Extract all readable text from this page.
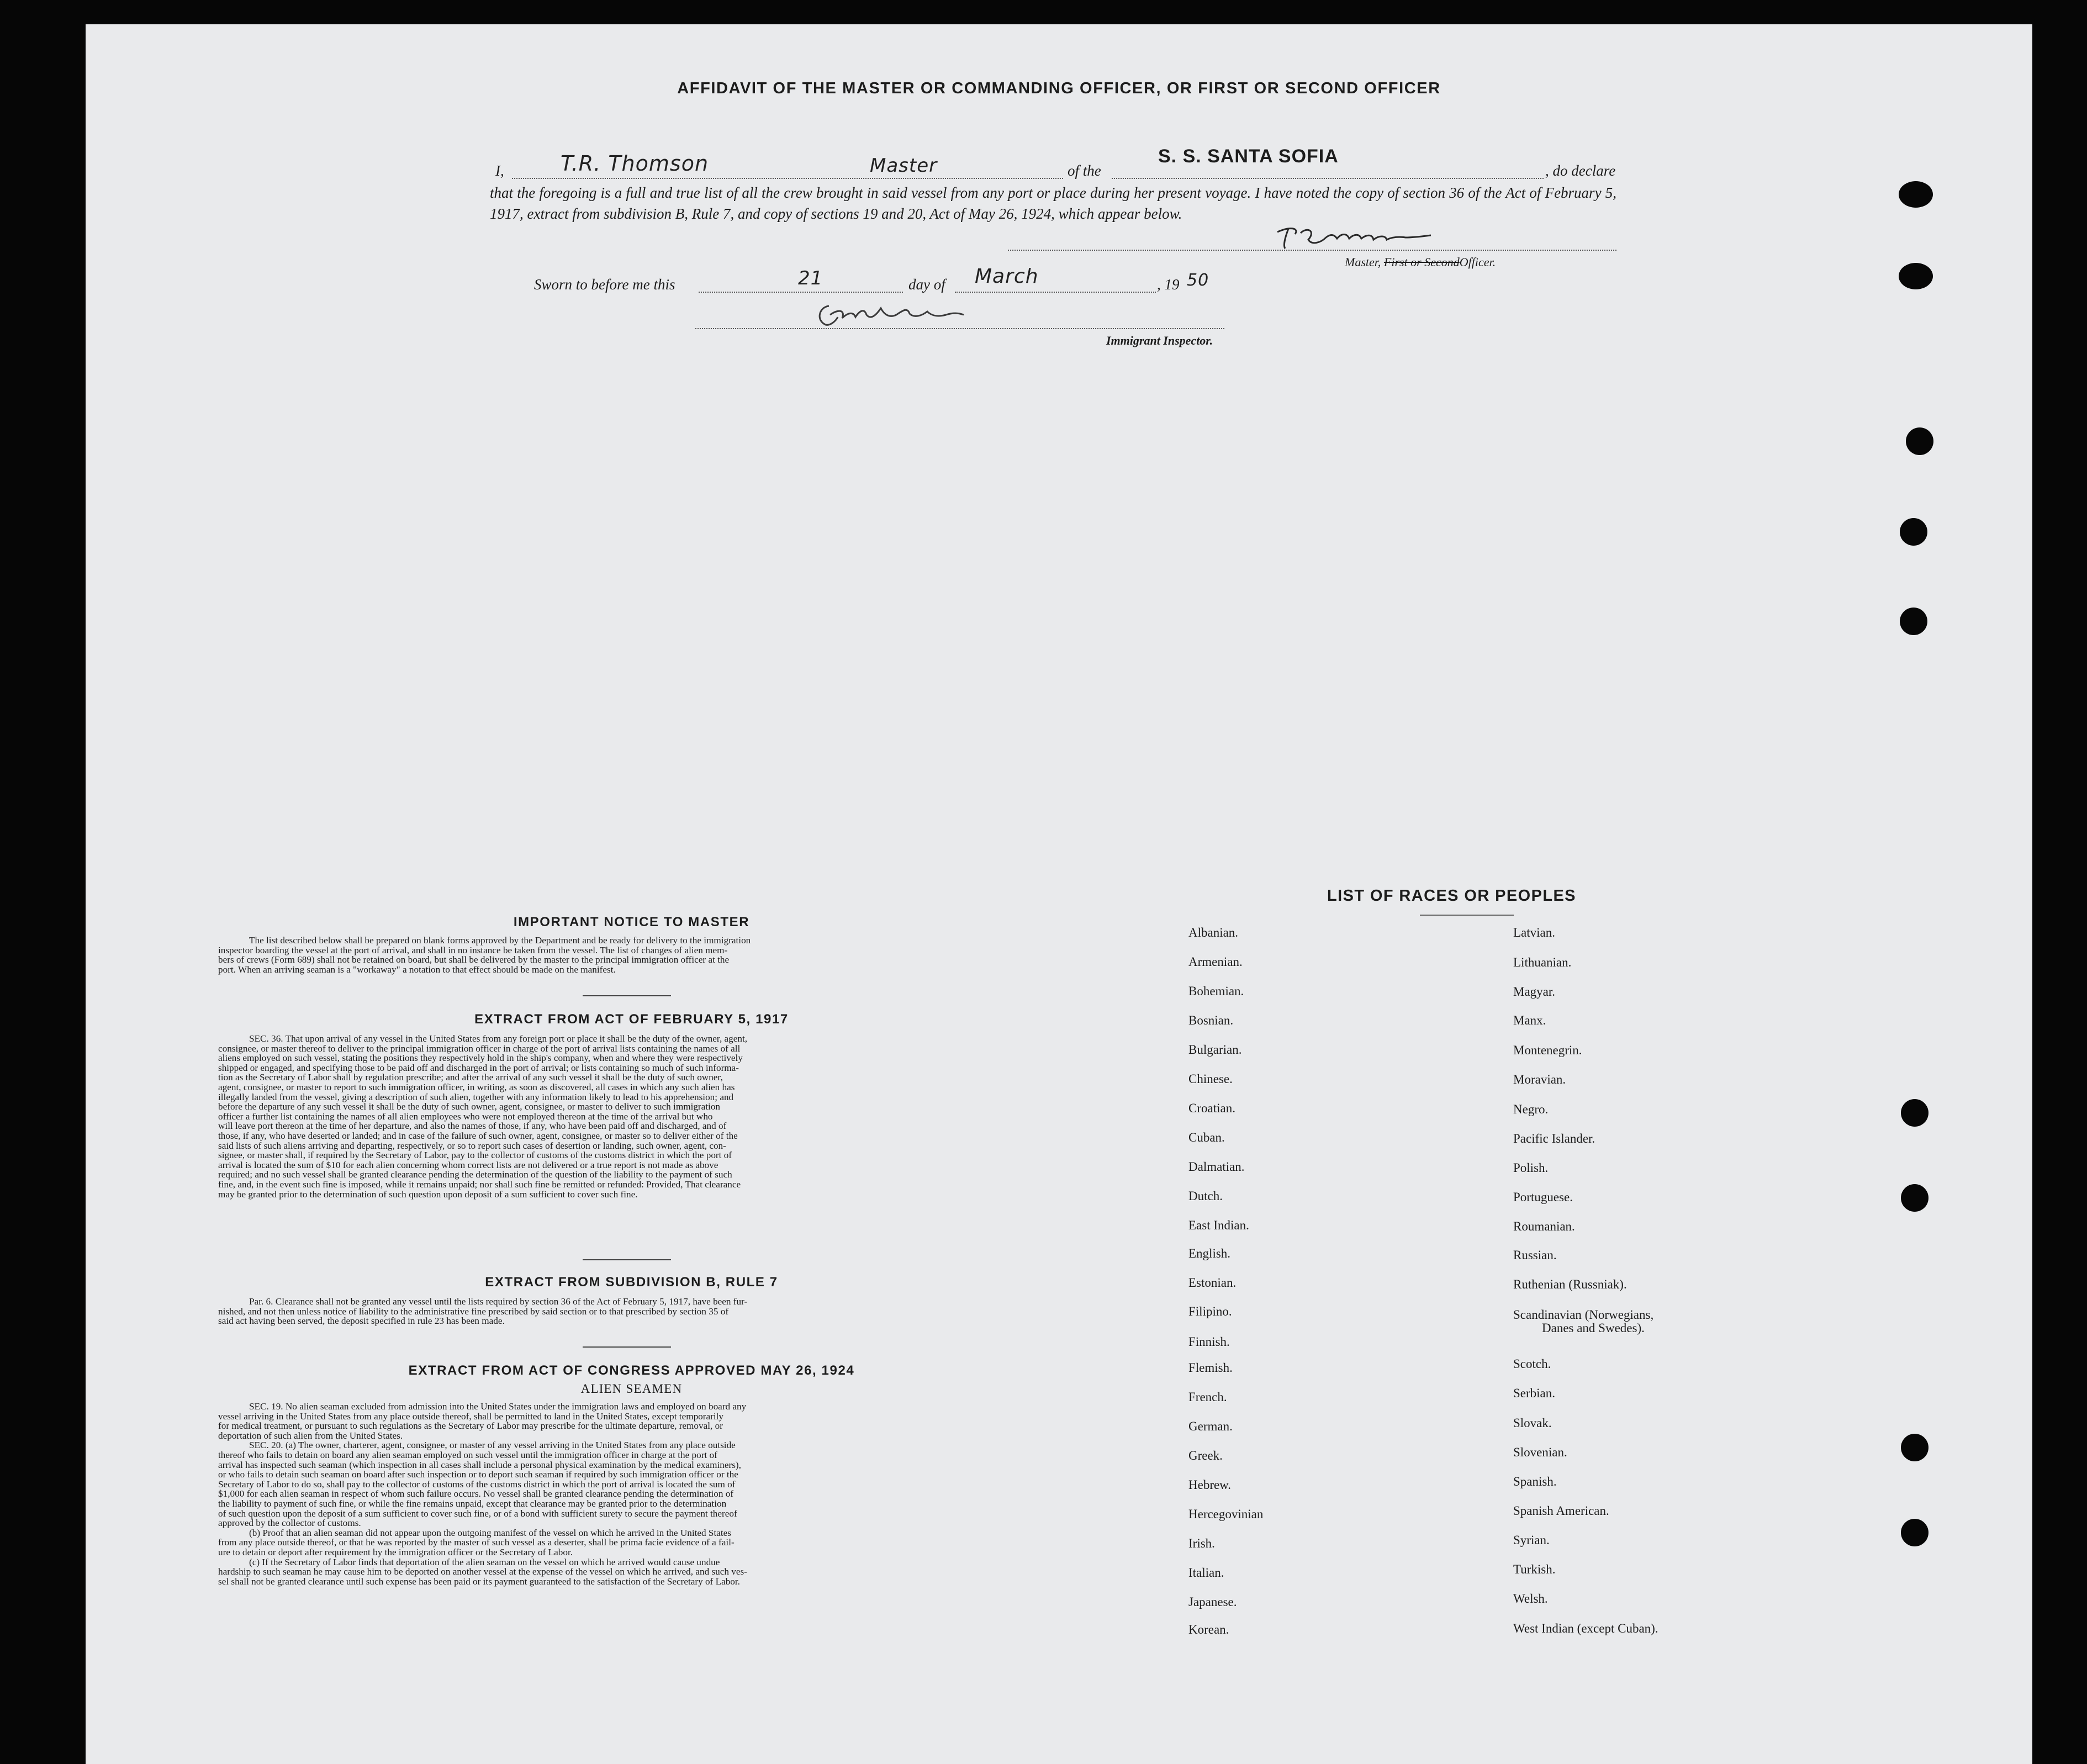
AFFIDAVIT OF THE MASTER OR COMMANDING OFFICER, OR FIRST OR SECOND OFFICER
I,	T.R. Thomson	Master	of the
S. S. SANTA SOFIA
, do declare
that the foregoing is a full and true list of all the crew brought in said vessel from any port or place during her present voyage. I have noted the copy of section 36 of the Act of February 5, 1917, extract from subdivision B, Rule 7, and copy of sections 19 and 20, Act of May 26, 1924, which appear below.
Master, First or SecondOfficer.
Sworn to before me this	21	day of March	, 19 50
Immigrant Inspector.
IMPORTANT NOTICE TO MASTER

The list described below shall be prepared on blank forms approved by the Department and be ready for delivery to the immigration

inspector boarding the vessel at the port of arrival, and shall in no instance be taken from the vessel. The list of changes of alien mem-

bers of crews (Form 689) shall not be retained on board, but shall be delivered by the master to the principal immigration officer at the

port. When an arriving seaman is a "workaway" a notation to that effect should be made on the manifest.

EXTRACT FROM ACT OF FEBRUARY 5, 1917

SEC. 36. That upon arrival of any vessel in the United States from any foreign port or place it shall be the duty of the owner, agent,

consignee, or master thereof to deliver to the principal immigration officer in charge of the port of arrival lists containing the names of all

aliens employed on such vessel, stating the positions they respectively hold in the ship's company, when and where they were respectively

shipped or engaged, and specifying those to be paid off and discharged in the port of arrival; or lists containing so much of such informa-

tion as the Secretary of Labor shall by regulation prescribe; and after the arrival of any such vessel it shall be the duty of such owner,

agent, consignee, or master to report to such immigration officer, in writing, as soon as discovered, all cases in which any such alien has

illegally landed from the vessel, giving a description of such alien, together with any information likely to lead to his apprehension; and

before the departure of any such vessel it shall be the duty of such owner, agent, consignee, or master to deliver to such immigration

officer a further list containing the names of all alien employees who were not employed thereon at the time of the arrival but who

will leave port thereon at the time of her departure, and also the names of those, if any, who have been paid off and discharged, and of

those, if any, who have deserted or landed; and in case of the failure of such owner, agent, consignee, or master so to deliver either of the

said lists of such aliens arriving and departing, respectively, or so to report such cases of desertion or landing, such owner, agent, con-

signee, or master shall, if required by the Secretary of Labor, pay to the collector of customs of the customs district in which the port of

arrival is located the sum of $10 for each alien concerning whom correct lists are not delivered or a true report is not made as above

required; and no such vessel shall be granted clearance pending the determination of the question of the liability to the payment of such

fine, and, in the event such fine is imposed, while it remains unpaid; nor shall such fine be remitted or refunded: Provided, That clearance

may be granted prior to the determination of such question upon deposit of a sum sufficient to cover such fine.

EXTRACT FROM SUBDIVISION B, RULE 7

Par. 6. Clearance shall not be granted any vessel until the lists required by section 36 of the Act of February 5, 1917, have been fur-

nished, and not then unless notice of liability to the administrative fine prescribed by said section or to that prescribed by section 35 of

said act having been served, the deposit specified in rule 23 has been made.

EXTRACT FROM ACT OF CONGRESS APPROVED MAY 26, 1924
ALIEN SEAMEN

SEC. 19. No alien seaman excluded from admission into the United States under the immigration laws and employed on board any

vessel arriving in the United States from any place outside thereof, shall be permitted to land in the United States, except temporarily

for medical treatment, or pursuant to such regulations as the Secretary of Labor may prescribe for the ultimate departure, removal, or

deportation of such alien from the United States.

SEC. 20. (a) The owner, charterer, agent, consignee, or master of any vessel arriving in the United States from any place outside

thereof who fails to detain on board any alien seaman employed on such vessel until the immigration officer in charge at the port of

arrival has inspected such seaman (which inspection in all cases shall include a personal physical examination by the medical examiners),

or who fails to detain such seaman on board after such inspection or to deport such seaman if required by such immigration officer or the

Secretary of Labor to do so, shall pay to the collector of customs of the customs district in which the port of arrival is located the sum of

$1,000 for each alien seaman in respect of whom such failure occurs. No vessel shall be granted clearance pending the determination of

the liability to payment of such fine, or while the fine remains unpaid, except that clearance may be granted prior to the determination

of such question upon the deposit of a sum sufficient to cover such fine, or of a bond with sufficient surety to secure the payment thereof

approved by the collector of customs.

(b) Proof that an alien seaman did not appear upon the outgoing manifest of the vessel on which he arrived in the United States

from any place outside thereof, or that he was reported by the master of such vessel as a deserter, shall be prima facie evidence of a fail-

ure to detain or deport after requirement by the immigration officer or the Secretary of Labor.

(c) If the Secretary of Labor finds that deportation of the alien seaman on the vessel on which he arrived would cause undue

hardship to such seaman he may cause him to be deported on another vessel at the expense of the vessel on which he arrived, and such ves-

sel shall not be granted clearance until such expense has been paid or its payment guaranteed to the satisfaction of the Secretary of Labor.

LIST OF RACES OR PEOPLES
Albanian.
Armenian.
Bohemian.
Bosnian.
Bulgarian.
Chinese.
Croatian.
Cuban.
Dalmatian.
Dutch.
East Indian.
English.
Estonian.
Filipino.
Finnish.
Flemish.
French.
German.
Greek.
Hebrew.
Hercegovinian
Irish.
Italian.
Japanese.
Korean.
Latvian.
Lithuanian.
Magyar.
Manx.
Montenegrin.
Moravian.
Negro.
Pacific Islander.
Polish.
Portuguese.
Roumanian.
Russian.
Ruthenian (Russniak).
Scandinavian (Norwegians,
Danes and Swedes).
Scotch.
Serbian.
Slovak.
Slovenian.
Spanish.
Spanish American.
Syrian.
Turkish.
Welsh.
West Indian (except Cuban).
